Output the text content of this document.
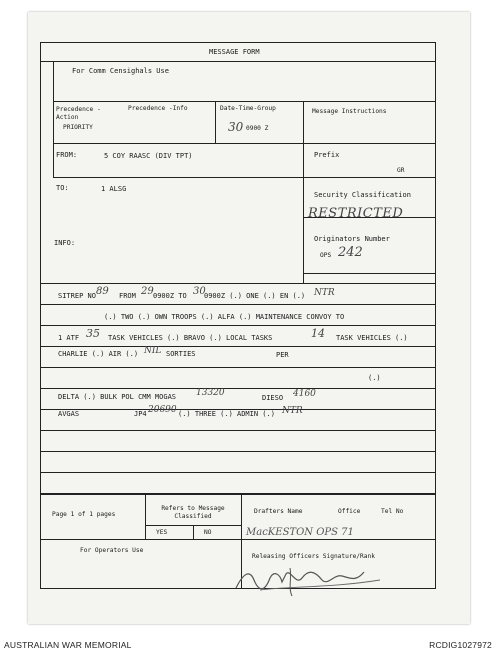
MESSAGE FORM
For Comm Censighals Use
Precedence - Action
PRIORITY
Precedence -Info	Date-Time-Group
30 0900 Z
Message Instructions
FROM:	5 COY RAASC (DIV TPT)	Prefix
GR
TO:	1 ALSG
Security Classification
RESTRICTED
INFO:	Originators Number
OPS 242
SITREP NO 89 FROM 29 0900Z TO 30
0900Z (.) ONE (.) EN (.) NTR
(.) TWO (.) OWN TROOPS (.) ALFA (.) MAINTENANCE CONVOY TO
1 ATF 35 TASK VEHICLES (.) BRAVO (.) LOCAL TASKS	14 TASK VEHICLES (.)
CHARLIE (.) AIR (.) NIL SORTIES	PER
(.)
DELTA (.) BULK POL CMM MOGAS 13320	DIESO 4160
AVGAS	JP4 20690 (.) THREE (.) ADMIN (.) NTR
Page 1 of 1 pages
Refers to Message Classified
YES	NO
Drafters Name	Office	Tel No
MacKESTON OPS 71
For Operators Use
Releasing Officers Signature/Rank
AUSTRALIAN WAR MEMORIAL	RCDIG1027972
